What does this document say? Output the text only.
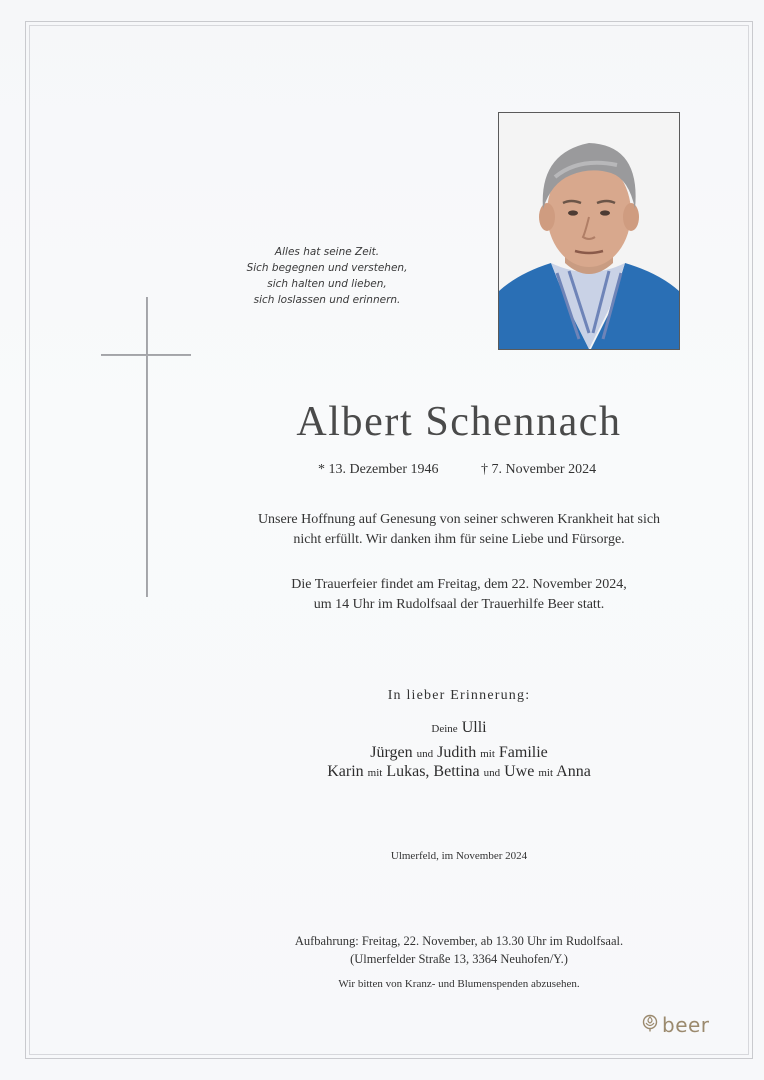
Alles hat seine Zeit.
Sich begegnen und verstehen,
sich halten und lieben,
sich loslassen und erinnern.
Albert Schennach
* 13. Dezember 1946	† 7. November 2024
Unsere Hoffnung auf Genesung von seiner schweren Krankheit hat sich
nicht erfüllt. Wir danken ihm für seine Liebe und Fürsorge.
Die Trauerfeier findet am Freitag, dem 22. November 2024,
um 14 Uhr im Rudolfsaal der Trauerhilfe Beer statt.
In lieber Erinnerung:
Deine Ulli
Jürgen und Judith mit Familie
Karin mit Lukas, Bettina und Uwe mit Anna
Ulmerfeld, im November 2024
Aufbahrung: Freitag, 22. November, ab 13.30 Uhr im Rudolfsaal.
(Ulmerfelder Straße 13, 3364 Neuhofen/Y.)
Wir bitten von Kranz- und Blumenspenden abzusehen.
beer
